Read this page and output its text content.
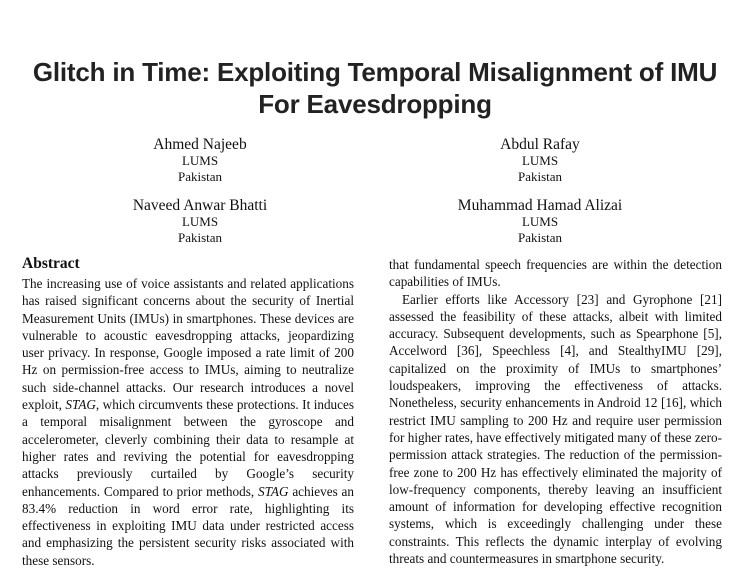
Glitch in Time: Exploiting Temporal Misalignment of IMU For Eavesdropping
Ahmed Najeeb
LUMS
Pakistan
Abdul Rafay
LUMS
Pakistan
Naveed Anwar Bhatti
LUMS
Pakistan
Muhammad Hamad Alizai
LUMS
Pakistan
Abstract

The increasing use of voice assistants and related applications has raised significant concerns about the security of Inertial Measurement Units (IMUs) in smartphones. These devices are vulnerable to acoustic eavesdropping attacks, jeopardizing user privacy. In response, Google imposed a rate limit of 200 Hz on permission-free access to IMUs, aiming to neutralize such side-channel attacks. Our research introduces a novel exploit, STAG, which circumvents these protections. It induces a temporal misalignment between the gyroscope and accelerometer, cleverly combining their data to resample at higher rates and reviving the potential for eavesdropping attacks previously curtailed by Google’s security enhancements. Compared to prior methods, STAG achieves an 83.4% reduction in word error rate, highlighting its effectiveness in exploiting IMU data under restricted access and emphasizing the persistent security risks associated with these sensors.

that fundamental speech frequencies are within the detection capabilities of IMUs.

Earlier efforts like Accessory [23] and Gyrophone [21] assessed the feasibility of these attacks, albeit with limited accuracy. Subsequent developments, such as Spearphone [5], Accelword [36], Speechless [4], and StealthyIMU [29], capitalized on the proximity of IMUs to smartphones’ loudspeakers, improving the effectiveness of attacks. Nonetheless, security enhancements in Android 12 [16], which restrict IMU sampling to 200 Hz and require user permission for higher rates, have effectively mitigated many of these zero-permission attack strategies. The reduction of the permission-free zone to 200 Hz has effectively eliminated the majority of low-frequency components, thereby leaving an insufficient amount of information for developing effective recognition systems, which is exceedingly challenging under these constraints. This reflects the dynamic interplay of evolving threats and countermeasures in smartphone security.
